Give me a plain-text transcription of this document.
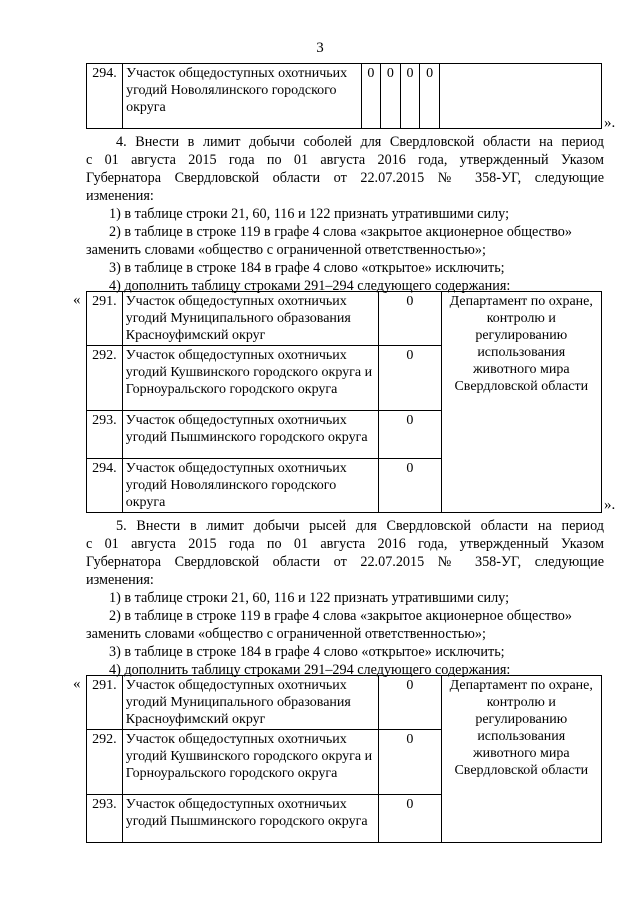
3
294.	Участок общедоступных охотничьих угодий Новолялинского городского округа	0	0	0	0	
».
4. Внести в лимит добычи соболей для Свердловской области на период
с 01 августа 2015 года по 01 августа 2016 года, утвержденный Указом
Губернатора Свердловской области от 22.07.2015 № 358-УГ, следующие
изменения:
1) в таблице строки 21, 60, 116 и 122 признать утратившими силу;
2) в таблице в строке 119 в графе 4 слова «закрытое акционерное общество»
заменить словами «общество с ограниченной ответственностью»;
3) в таблице в строке 184 в графе 4 слово «открытое» исключить;
4) дополнить таблицу строками 291–294 следующего содержания:
« 291.	Участок общедоступных охотничьих угодий Муниципального образования Красноуфимский округ	0	Департамент по охране, контролю и регулированию использования животного мира Свердловской области
292.	Участок общедоступных охотничьих угодий Кушвинского городского округа и Горноуральского городского округа	0	
293.	Участок общедоступных охотничьих угодий Пышминского городского округа	0	
294.	Участок общедоступных охотничьих угодий Новолялинского городского округа	0	
».
5. Внести в лимит добычи рысей для Свердловской области на период
с 01 августа 2015 года по 01 августа 2016 года, утвержденный Указом
Губернатора Свердловской области от 22.07.2015 № 358-УГ, следующие
изменения:
1) в таблице строки 21, 60, 116 и 122 признать утратившими силу;
2) в таблице в строке 119 в графе 4 слова «закрытое акционерное общество»
заменить словами «общество с ограниченной ответственностью»;
3) в таблице в строке 184 в графе 4 слово «открытое» исключить;
4) дополнить таблицу строками 291–294 следующего содержания:
« 291.	Участок общедоступных охотничьих угодий Муниципального образования Красноуфимский округ	0	Департамент по охране, контролю и регулированию использования животного мира Свердловской области
292.	Участок общедоступных охотничьих угодий Кушвинского городского округа и Горноуральского городского округа	0	
293.	Участок общедоступных охотничьих угодий Пышминского городского округа	0	
